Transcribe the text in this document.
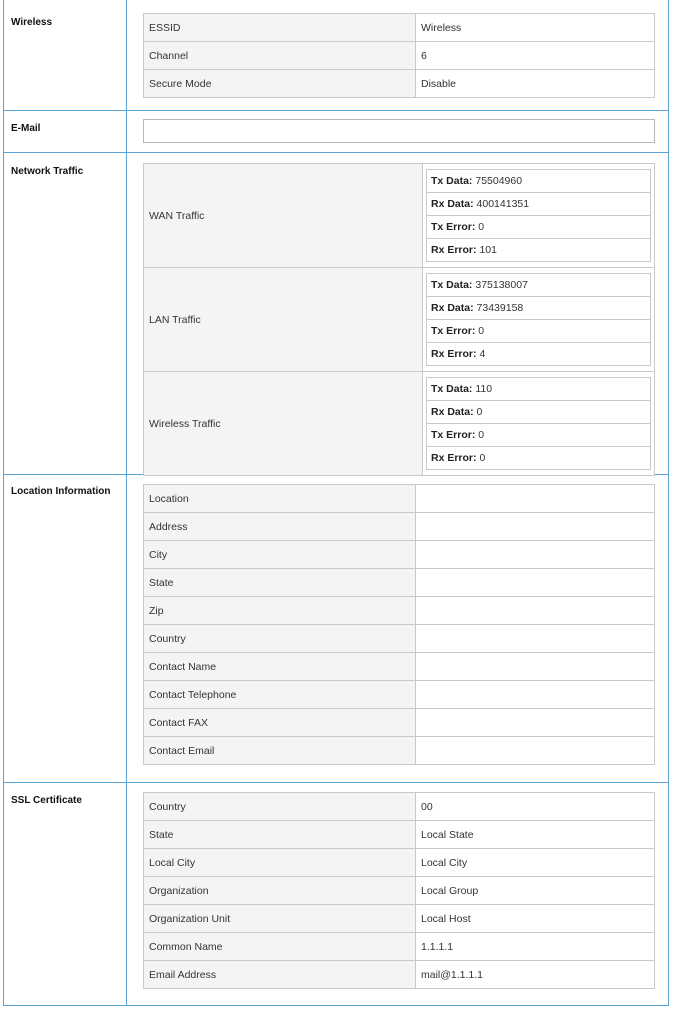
Wireless	ESSID	Wireless
Channel	6
Secure Mode	Disable
E-Mail
Network Traffic
WAN Traffic	
Tx Data: 75504960
Rx Data: 400141351
Tx Error: 0
Rx Error: 101

LAN Traffic	
Tx Data: 375138007
Rx Data: 73439158
Tx Error: 0
Rx Error: 4

Wireless Traffic	
Tx Data: 110
Rx Data: 0
Tx Error: 0
Rx Error: 0
Location Information
Location	
Address	
City	
State	
Zip	
Country	
Contact Name	
Contact Telephone	
Contact FAX	
Contact Email	
SSL Certificate	Country	00
State	Local State
Local City	Local City
Organization	Local Group
Organization Unit	Local Host
Common Name	1.1.1.1
Email Address	mail@1.1.1.1
